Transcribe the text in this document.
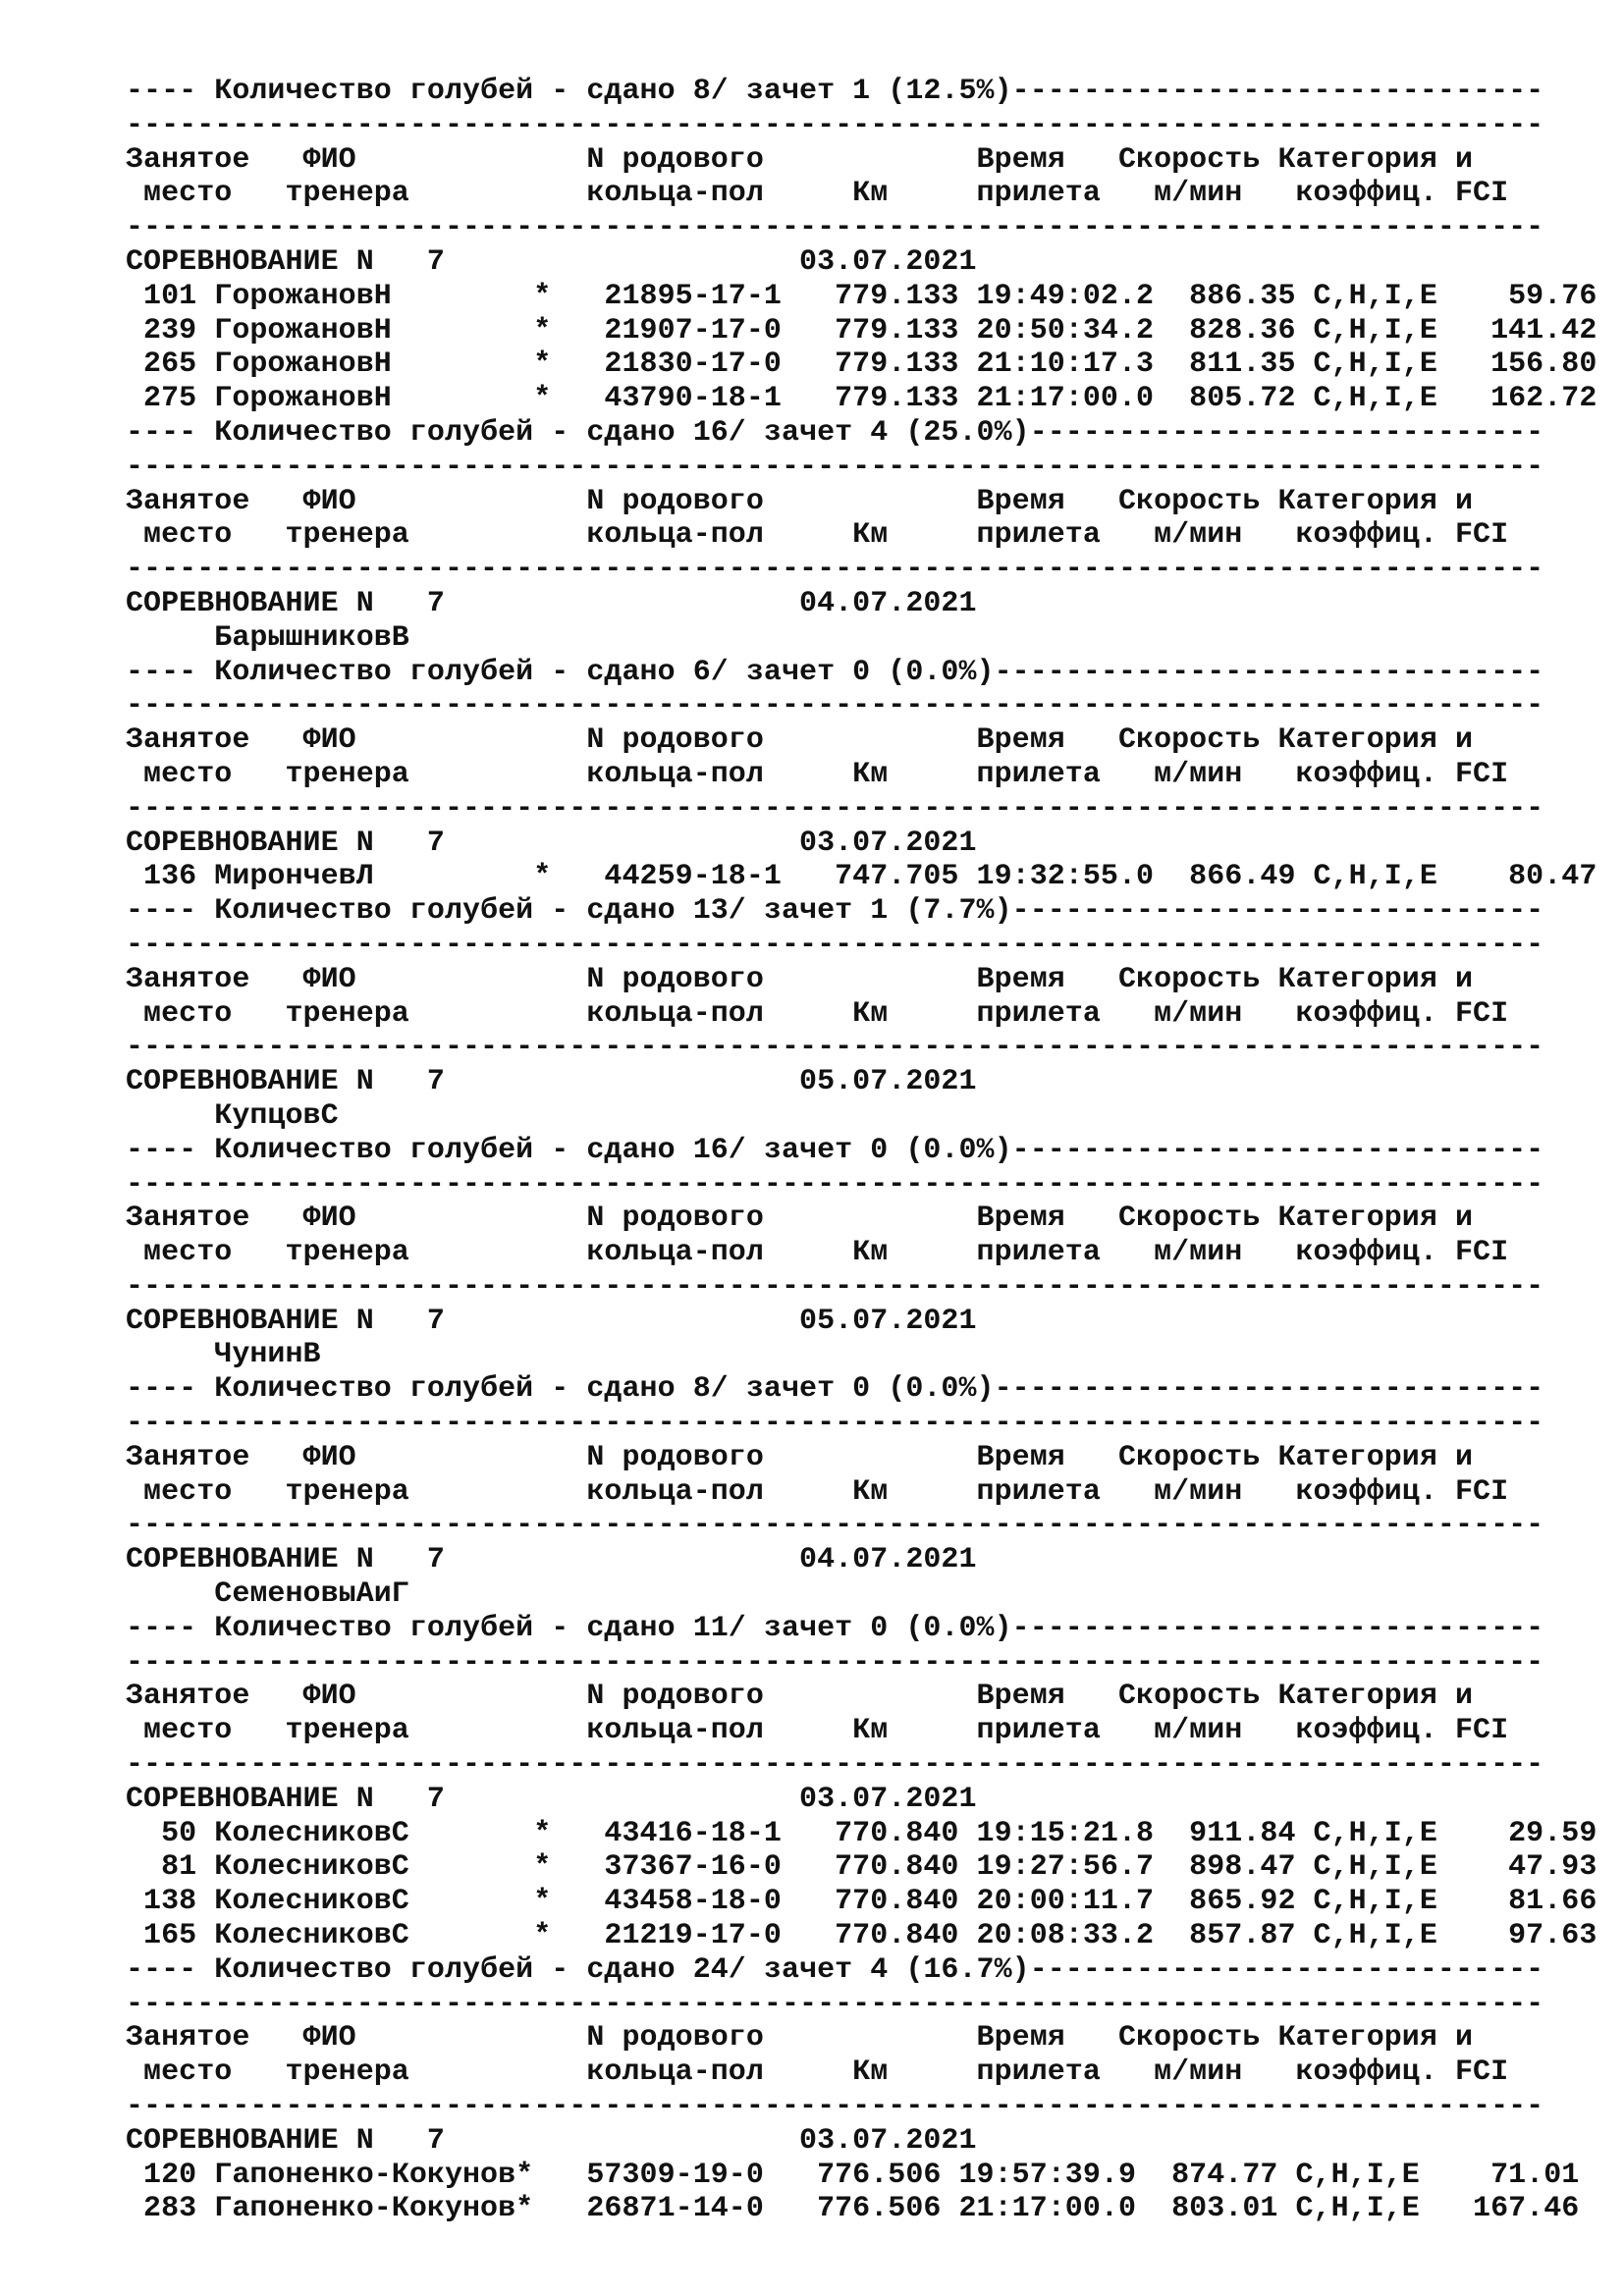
---- Количество голубей - сдано 8/ зачет 1 (12.5%)------------------------------
--------------------------------------------------------------------------------
Занятое   ФИО             N родового            Время   Скорость Категория и
место   тренера          кольца-пол     Км     прилета   м/мин   коэффиц. FCI
--------------------------------------------------------------------------------
СОРЕВНОВАНИЕ N   7                    03.07.2021
101 ГорожановН        *   21895-17-1   779.133 19:49:02.2  886.35 C,H,I,E    59.76
239 ГорожановН        *   21907-17-0   779.133 20:50:34.2  828.36 C,H,I,E   141.42
265 ГорожановН        *   21830-17-0   779.133 21:10:17.3  811.35 C,H,I,E   156.80
275 ГорожановН        *   43790-18-1   779.133 21:17:00.0  805.72 C,H,I,E   162.72
---- Количество голубей - сдано 16/ зачет 4 (25.0%)-----------------------------
--------------------------------------------------------------------------------
Занятое   ФИО             N родового            Время   Скорость Категория и
место   тренера          кольца-пол     Км     прилета   м/мин   коэффиц. FCI
--------------------------------------------------------------------------------
СОРЕВНОВАНИЕ N   7                    04.07.2021
БарышниковВ
---- Количество голубей - сдано 6/ зачет 0 (0.0%)-------------------------------
--------------------------------------------------------------------------------
Занятое   ФИО             N родового            Время   Скорость Категория и
место   тренера          кольца-пол     Км     прилета   м/мин   коэффиц. FCI
--------------------------------------------------------------------------------
СОРЕВНОВАНИЕ N   7                    03.07.2021
136 МирончевЛ         *   44259-18-1   747.705 19:32:55.0  866.49 C,H,I,E    80.47
---- Количество голубей - сдано 13/ зачет 1 (7.7%)------------------------------
--------------------------------------------------------------------------------
Занятое   ФИО             N родового            Время   Скорость Категория и
место   тренера          кольца-пол     Км     прилета   м/мин   коэффиц. FCI
--------------------------------------------------------------------------------
СОРЕВНОВАНИЕ N   7                    05.07.2021
КупцовС
---- Количество голубей - сдано 16/ зачет 0 (0.0%)------------------------------
--------------------------------------------------------------------------------
Занятое   ФИО             N родового            Время   Скорость Категория и
место   тренера          кольца-пол     Км     прилета   м/мин   коэффиц. FCI
--------------------------------------------------------------------------------
СОРЕВНОВАНИЕ N   7                    05.07.2021
ЧунинВ
---- Количество голубей - сдано 8/ зачет 0 (0.0%)-------------------------------
--------------------------------------------------------------------------------
Занятое   ФИО             N родового            Время   Скорость Категория и
место   тренера          кольца-пол     Км     прилета   м/мин   коэффиц. FCI
--------------------------------------------------------------------------------
СОРЕВНОВАНИЕ N   7                    04.07.2021
СеменовыАиГ
---- Количество голубей - сдано 11/ зачет 0 (0.0%)------------------------------
--------------------------------------------------------------------------------
Занятое   ФИО             N родового            Время   Скорость Категория и
место   тренера          кольца-пол     Км     прилета   м/мин   коэффиц. FCI
--------------------------------------------------------------------------------
СОРЕВНОВАНИЕ N   7                    03.07.2021
50 КолесниковС       *   43416-18-1   770.840 19:15:21.8  911.84 C,H,I,E    29.59
81 КолесниковС       *   37367-16-0   770.840 19:27:56.7  898.47 C,H,I,E    47.93
138 КолесниковС       *   43458-18-0   770.840 20:00:11.7  865.92 C,H,I,E    81.66
165 КолесниковС       *   21219-17-0   770.840 20:08:33.2  857.87 C,H,I,E    97.63
---- Количество голубей - сдано 24/ зачет 4 (16.7%)-----------------------------
--------------------------------------------------------------------------------
Занятое   ФИО             N родового            Время   Скорость Категория и
место   тренера          кольца-пол     Км     прилета   м/мин   коэффиц. FCI
--------------------------------------------------------------------------------
СОРЕВНОВАНИЕ N   7                    03.07.2021
120 Гапоненко-Кокунов*   57309-19-0   776.506 19:57:39.9  874.77 C,H,I,E    71.01
283 Гапоненко-Кокунов*   26871-14-0   776.506 21:17:00.0  803.01 C,H,I,E   167.46
